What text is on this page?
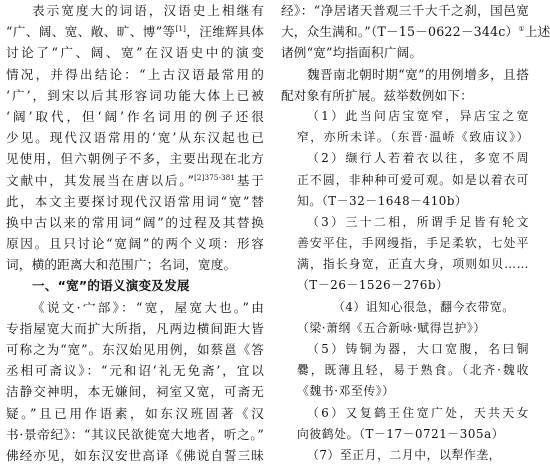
表示宽度大的词语，汉语史上相继有
“广、阔、宽、敞、旷、博”等[1]，汪维辉具体
讨论了“广、阔、宽”在汉语史中的演变
情况，并得出结论：“上古汉语最常用的
‘广’，到宋以后其形容词功能大体上已被
‘阔’取代，但‘阔’作名词用的例子还很
少见。现代汉语常用的‘宽’从东汉起也已
见使用，但六朝例子不多，主要出现在北方
文献中，其发展当在唐以后。”$^{[2]375-381}$基于
此，本文主要探讨现代汉语常用词“宽”替
换中古以来的常用词“阔”的过程及其替换
原因。且只讨论“宽阔”的两个义项：形容
词，横的距离大和范围广；名词，宽度。
一、“宽”的语义演变及发展
《说文·宀部》：“宽，屋宽大也。”由
专指屋宽大而扩大所指，凡两边横间距大皆
可称之为“宽”。东汉始见用例，如蔡邕《答
丞相可斋议》：“元和诏‘礼无免斋’，宜以
洁静交神明，本无嫌间，祠室又宽，可斋无
疑。”且已用作语素，如东汉班固著《汉
书·景帝纪》：“其议民欲徙宽大地者，听之。”
佛经亦见，如东汉安世高译《佛说自誓三昧
经》：“净居诸天普观三千大千之刹，国邑宽
大，众生满和。”（T－15－0622－344c）①上述
诸例“宽”均指面积广阔。
魏晋南北朝时期“宽”的用例增多，且搭
配对象有所扩展。兹举数例如下：
（1）此当问店宝宽窄，异店宝之宽
窄，亦所未详。（东晋·温峤《致庙议》）
（2）缬行人若着衣以往，多宽不周
正不圆，非种种可爱可观。如是以着衣可
知。（T－32－1648－410b）
（3）三十二相，所谓手足皆有轮文
善安平住，手网缦指，手足柔软，七处平
满，指长身宽，正直大身，项则如贝……
（T－26－1526－276b）
（4）诅知心很急，翻今衣带宽。
（梁·萧纲《五合新咏·赋得岂护》）
（5）铸铜为器，大口宽腹，名曰铜
爨，既薄且轻，易于熟食。（北齐·魏收
《魏书·邓至传》）
（6）又复鹤王住宽广处，天共天女
向彼鹤处。（T－17－0721－305a）
（7）至正月，二月中，以犁作垄，
